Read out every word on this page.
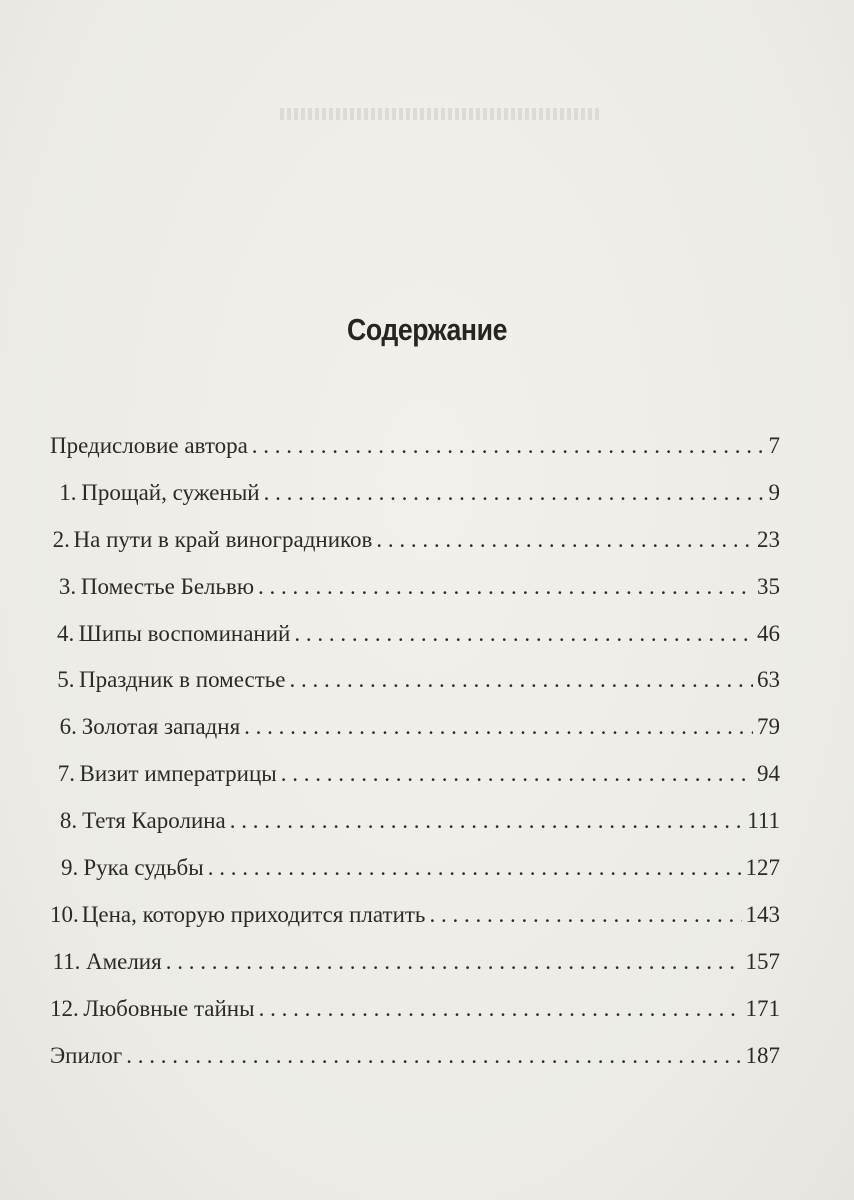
Содержание
Предисловие автора . . .	7
1. Прощай, суженый . . .	9
2. На пути в край виноградников . . .	23
3. Поместье Бельвю . . .	35
4. Шипы воспоминаний . . .	46
5. Праздник в поместье . . .	63
6. Золотая западня . . .	79
7. Визит императрицы . . .	94
8. Тетя Каролина . . .	111
9. Рука судьбы . . .	127
10. Цена, которую приходится платить . . .	143
11. Амелия . . .	157
12. Любовные тайны . . .	171
Эпилог . . .	187
